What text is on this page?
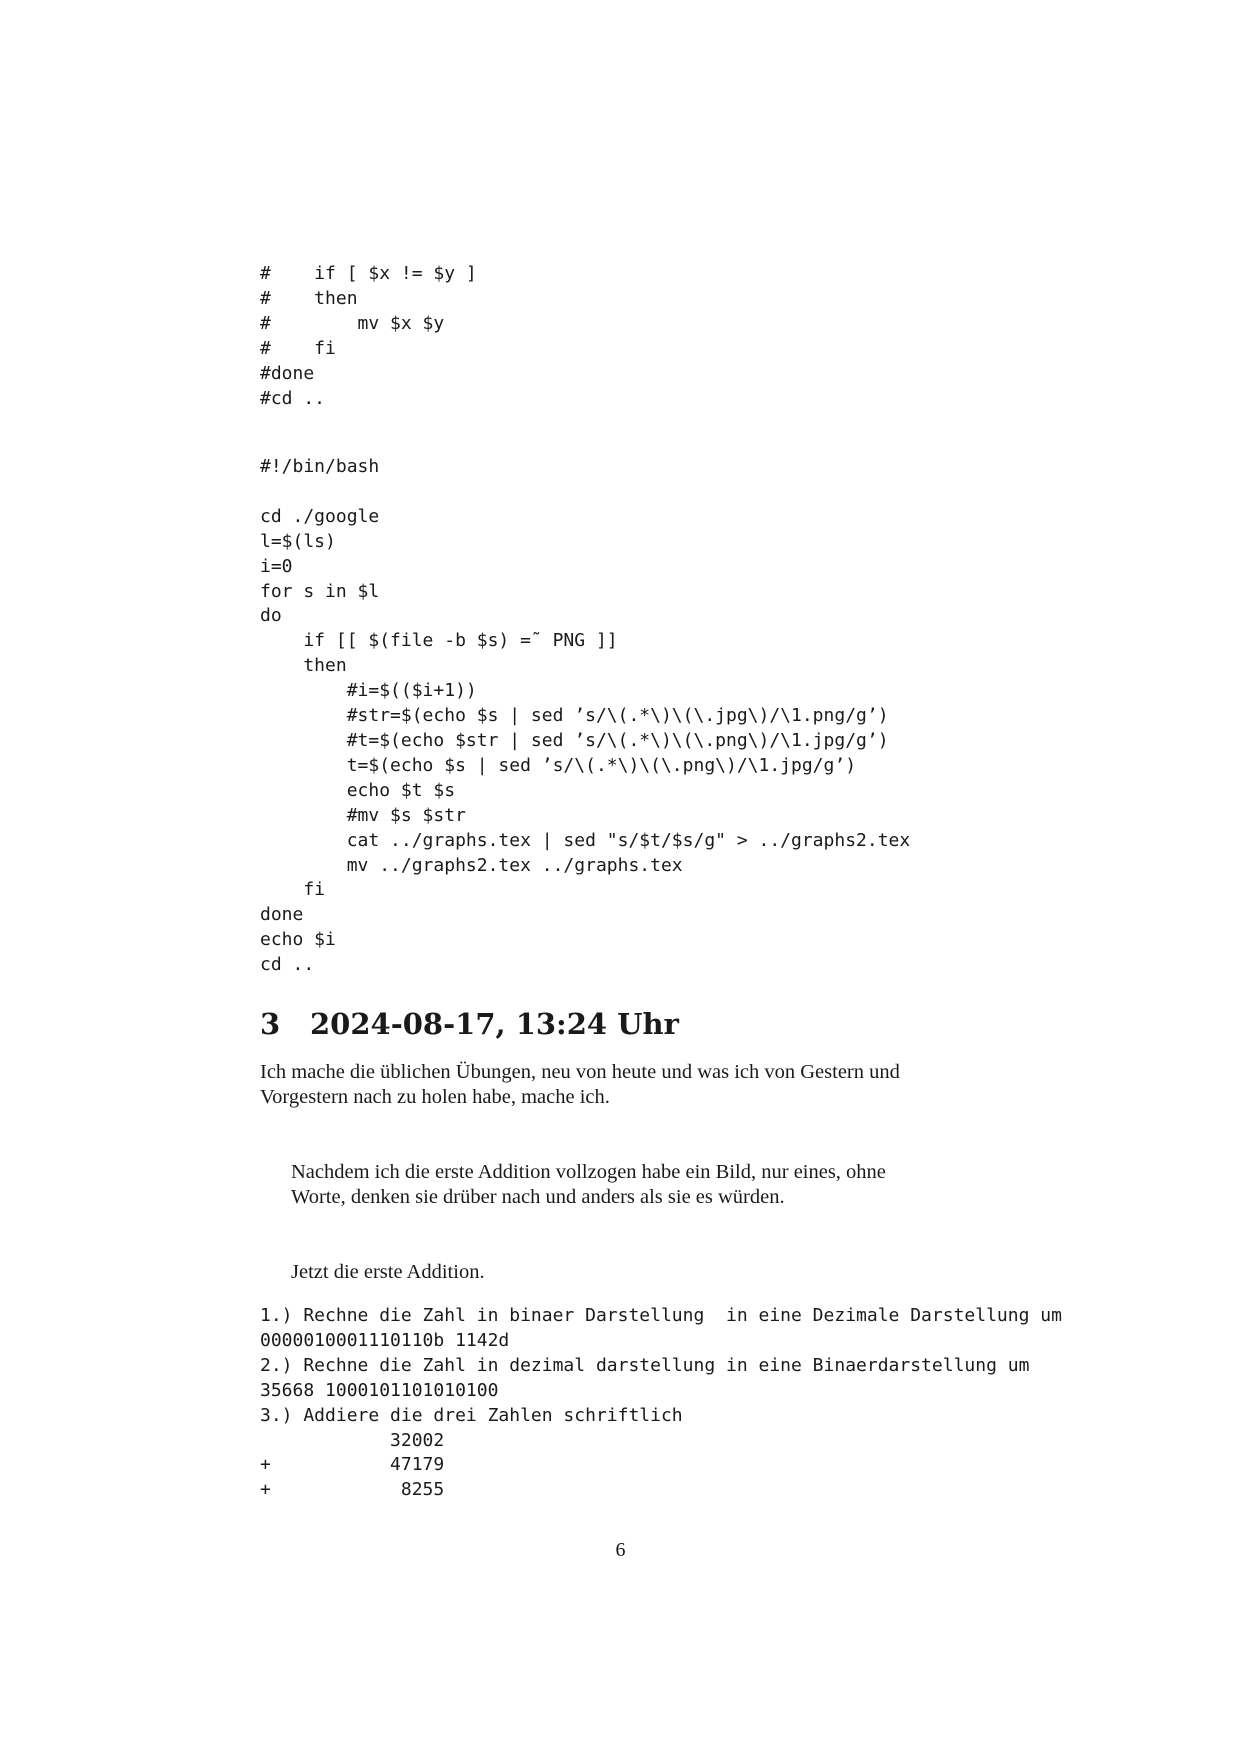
#    if [ $x != $y ]
#    then
#        mv $x $y
#    fi
#done
#cd ..
#!/bin/bash

cd ./google
l=$(ls)
i=0
for s in $l
do
if [[ $(file -b $s) =˜ PNG ]]
then
#i=$(($i+1))
#str=$(echo $s | sed ’s/\(.*\)\(\.jpg\)/\1.png/g’)
#t=$(echo $str | sed ’s/\(.*\)\(\.png\)/\1.jpg/g’)
t=$(echo $s | sed ’s/\(.*\)\(\.png\)/\1.jpg/g’)
echo $t $s
#mv $s $str
cat ../graphs.tex | sed "s/$t/$s/g" > ../graphs2.tex
mv ../graphs2.tex ../graphs.tex
fi
done
echo $i
cd ..
3 2024-08-17, 13:24 Uhr

Ich mache die üblichen Übungen, neu von heute und was ich von Gestern und
Vorgestern nach zu holen habe, mache ich.

Nachdem ich die erste Addition vollzogen habe ein Bild, nur eines, ohne
Worte, denken sie drüber nach und anders als sie es würden.

Jetzt die erste Addition.

1.) Rechne die Zahl in binaer Darstellung  in eine Dezimale Darstellung um
0000010001110110b 1142d
2.) Rechne die Zahl in dezimal darstellung in eine Binaerdarstellung um
35668 1000101101010100
3.) Addiere die drei Zahlen schriftlich
32002
+           47179
+            8255
6
